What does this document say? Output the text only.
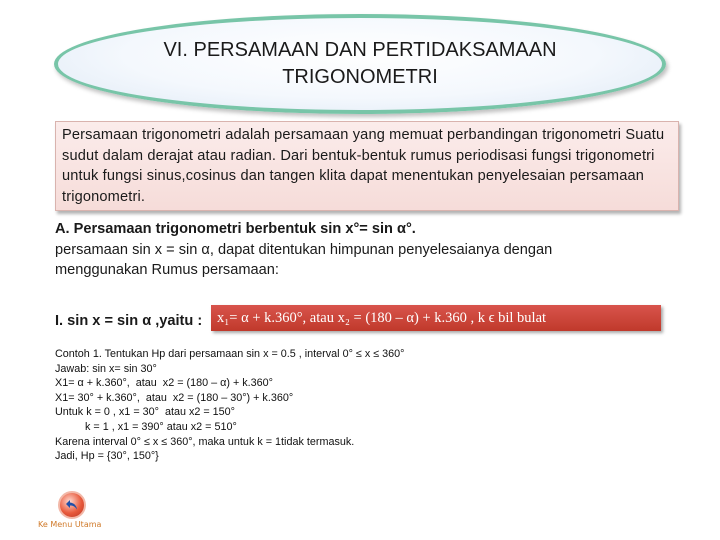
VI. PERSAMAAN DAN PERTIDAKSAMAAN
TRIGONOMETRI
Persamaan trigonometri adalah persamaan yang memuat perbandingan trigonometri Suatu sudut dalam derajat atau radian. Dari bentuk-bentuk rumus periodisasi fungsi trigonometri untuk fungsi sinus,cosinus dan tangen klita dapat menentukan penyelesaian persamaan trigonometri.
A. Persamaan trigonometri berbentuk sin x°= sin α°.
persamaan sin x = sin α, dapat ditentukan himpunan penyelesaianya dengan
menggunakan Rumus persamaan:
I. sin x = sin α ,yaitu :	x₁= α + k.360°, atau x₂ = (180 – α) + k.360 , k ϵ bil bulat
Contoh 1. Tentukan Hp dari persamaan sin x = 0.5 , interval 0° ≤ x ≤ 360°
Jawab: sin x= sin 30°
X1= α + k.360°,  atau  x2 = (180 – α) + k.360°
X1= 30° + k.360°,  atau  x2 = (180 – 30°) + k.360°
Untuk k = 0 , x1 = 30°  atau x2 = 150°
k = 1 , x1 = 390° atau x2 = 510°
Karena interval 0° ≤ x ≤ 360°, maka untuk k = 1tidak termasuk.
Jadi, Hp = {30°, 150°}
Ke Menu Utama
